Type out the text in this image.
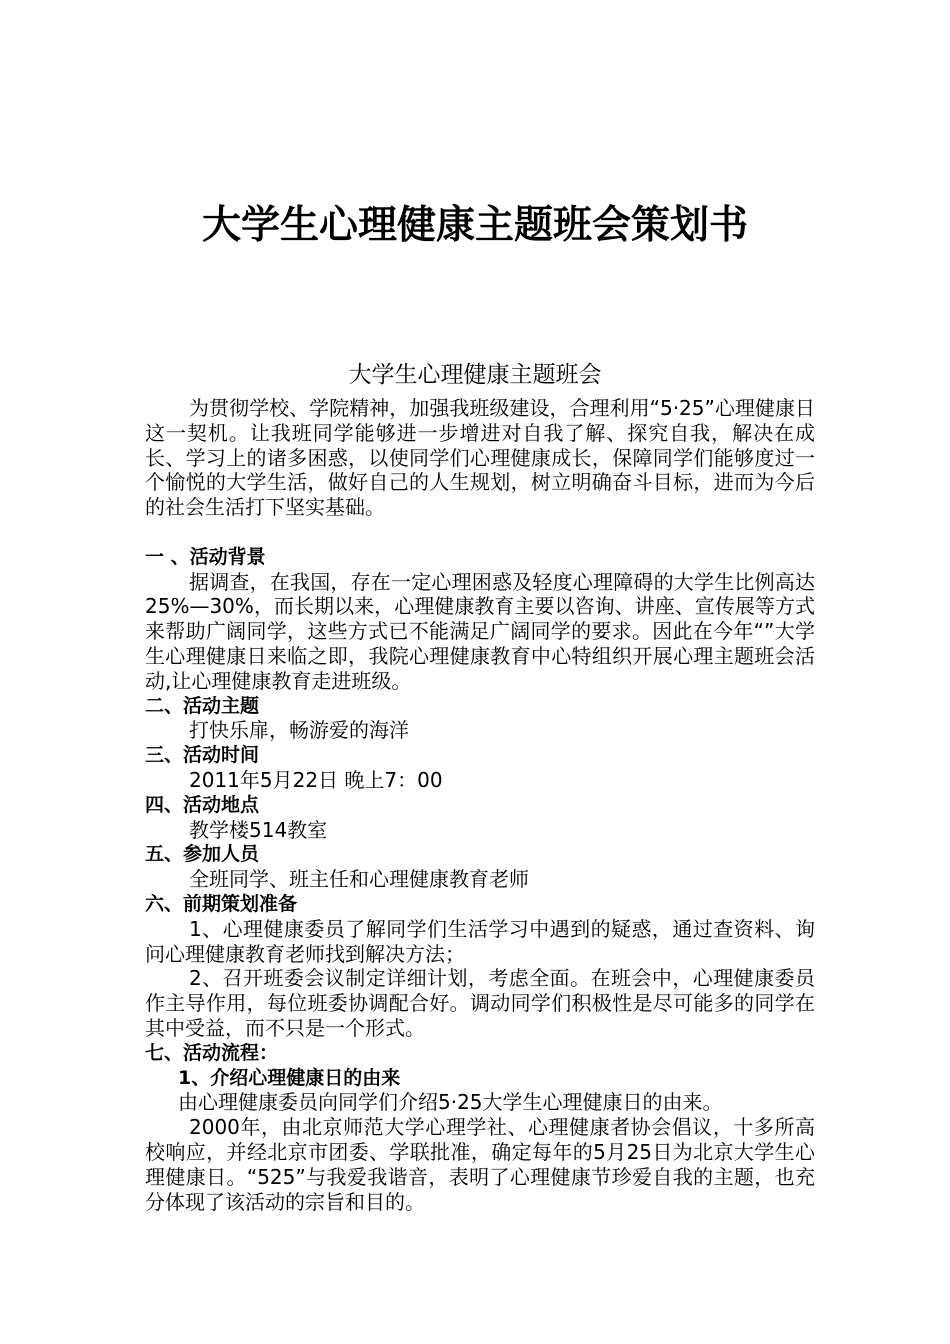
大学生心理健康主题班会策划书
大学生心理健康主题班会

为贯彻学校、学院精神，加强我班级建设，合理利用“5·25”心理健康日这一契机。让我班同学能够进一步增进对自我了解、探究自我，解决在成长、学习上的诸多困惑，以使同学们心理健康成长，保障同学们能够度过一个愉悦的大学生活，做好自己的人生规划，树立明确奋斗目标，进而为今后的社会生活打下坚实基础。

一 、活动背景

据调查，在我国，存在一定心理困惑及轻度心理障碍的大学生比例高达25%—30%，而长期以来，心理健康教育主要以咨询、讲座、宣传展等方式来帮助广阔同学，这些方式已不能满足广阔同学的要求。因此在今年“”大学生心理健康日来临之即，我院心理健康教育中心特组织开展心理主题班会活动,让心理健康教育走进班级。

二、活动主题

打快乐扉，畅游爱的海洋

三、活动时间

2011年5月22日 晚上7：00

四、活动地点

教学楼514教室

五、参加人员

全班同学、班主任和心理健康教育老师

六、前期策划准备

1、心理健康委员了解同学们生活学习中遇到的疑惑，通过查资料、询问心理健康教育老师找到解决方法；

2、召开班委会议制定详细计划，考虑全面。在班会中，心理健康委员作主导作用，每位班委协调配合好。调动同学们积极性是尽可能多的同学在其中受益，而不只是一个形式。

七、活动流程：

1、介绍心理健康日的由来

由心理健康委员向同学们介绍5·25大学生心理健康日的由来。

2000年，由北京师范大学心理学社、心理健康者协会倡议，十多所高校响应，并经北京市团委、学联批准，确定每年的5月25日为北京大学生心理健康日。“525”与我爱我谐音，表明了心理健康节珍爱自我的主题，也充分体现了该活动的宗旨和目的。
